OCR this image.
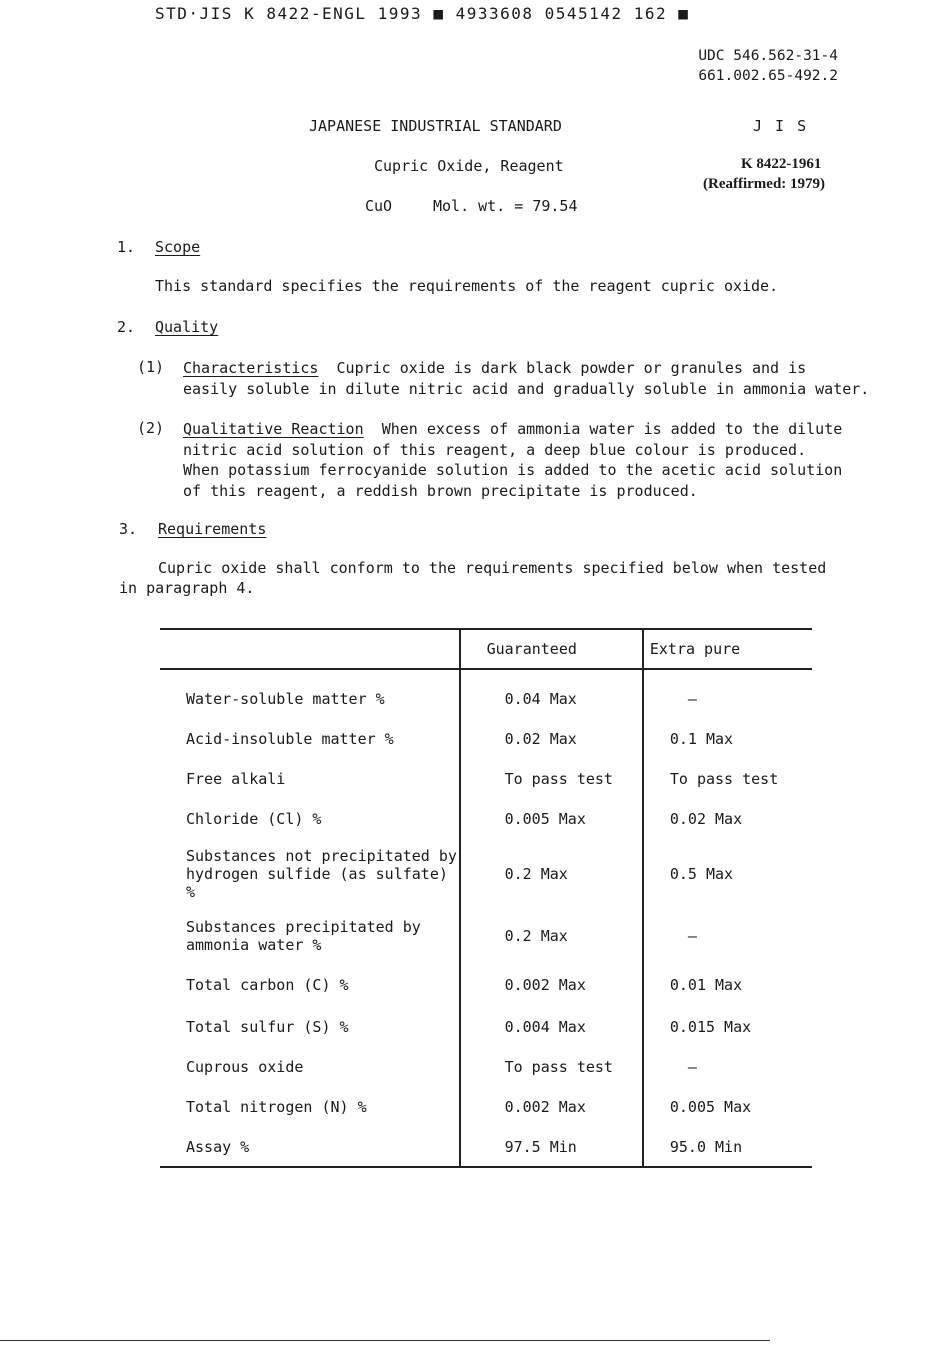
STD·JIS K 8422-ENGL 1993 ■ 4933608 0545142 162 ■
UDC 546.562-31-4
661.002.65-492.2
JAPANESE INDUSTRIAL STANDARD	J I S
Cupric Oxide, Reagent	K 8422-1961
(Reaffirmed: 1979)
CuO	Mol. wt. = 79.54
1. Scope
This standard specifies the requirements of the reagent cupric oxide.
2. Quality
(1) Characteristics Cupric oxide is dark black powder or granules and is
easily soluble in dilute nitric acid and gradually soluble in ammonia water.
(2) Qualitative Reaction When excess of ammonia water is added to the dilute
nitric acid solution of this reagent, a deep blue colour is produced.
When potassium ferrocyanide solution is added to the acetic acid solution
of this reagent, a reddish brown precipitate is produced.
3. Requirements
Cupric oxide shall conform to the requirements specified below when tested
in paragraph 4.
	Guaranteed	Extra pure
Water-soluble matter %	0.04 Max	–
Acid-insoluble matter %	0.02 Max	0.1 Max
Free alkali	To pass test	To pass test
Chloride (Cl) %	0.005 Max	0.02 Max

Substances not precipitated by
hydrogen sulfide (as sulfate) %	0.2 Max	0.5 Max

Substances precipitated by
ammonia water %	0.2 Max	–
Total carbon (C) %	0.002 Max	0.01 Max
Total sulfur (S) %	0.004 Max	0.015 Max
Cuprous oxide	To pass test	–
Total nitrogen (N) %	0.002 Max	0.005 Max
Assay %	97.5 Min	95.0 Min
